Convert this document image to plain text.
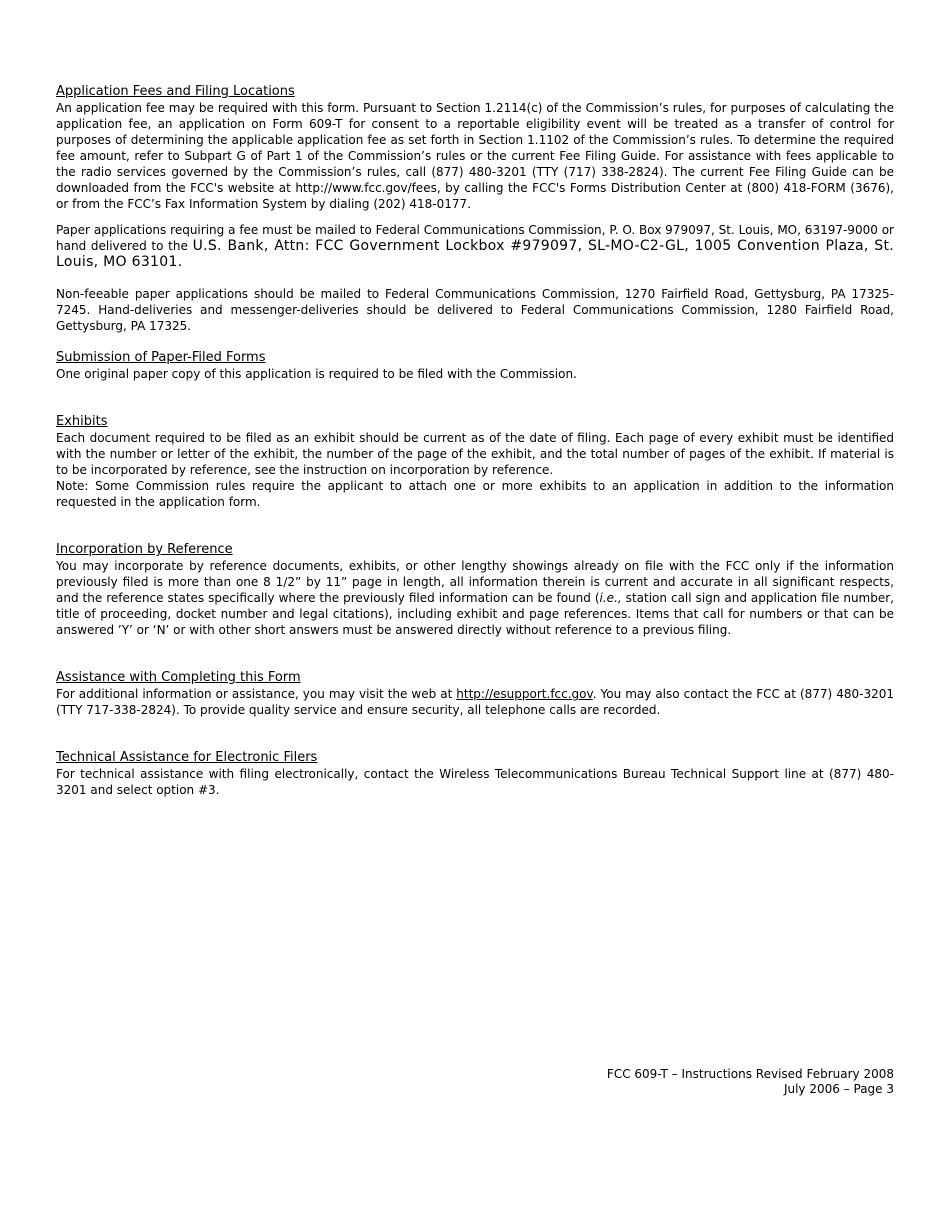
Application Fees and Filing Locations

An application fee may be required with this form. Pursuant to Section 1.2114(c) of the Commission’s rules, for purposes of calculating the application fee, an application on Form 609-T for consent to a reportable eligibility event will be treated as a transfer of control for purposes of determining the applicable application fee as set forth in Section 1.1102 of the Commission’s rules. To determine the required fee amount, refer to Subpart G of Part 1 of the Commission’s rules or the current Fee Filing Guide. For assistance with fees applicable to the radio services governed by the Commission’s rules, call (877) 480-3201 (TTY (717) 338-2824). The current Fee Filing Guide can be downloaded from the FCC's website at http://www.fcc.gov/fees, by calling the FCC's Forms Distribution Center at (800) 418-FORM (3676), or from the FCC’s Fax Information System by dialing (202) 418-0177.

Paper applications requiring a fee must be mailed to Federal Communications Commission, P. O. Box 979097, St. Louis, MO, 63197-9000 or hand delivered to the U.S. Bank, Attn: FCC Government Lockbox #979097, SL-MO-C2-GL, 1005 Convention Plaza, St. Louis, MO 63101.

Non-feeable paper applications should be mailed to Federal Communications Commission, 1270 Fairfield Road, Gettysburg, PA 17325-7245. Hand-deliveries and messenger-deliveries should be delivered to Federal Communications Commission, 1280 Fairfield Road, Gettysburg, PA 17325.

Submission of Paper-Filed Forms

One original paper copy of this application is required to be filed with the Commission.

Exhibits

Each document required to be filed as an exhibit should be current as of the date of filing. Each page of every exhibit must be identified with the number or letter of the exhibit, the number of the page of the exhibit, and the total number of pages of the exhibit. If material is to be incorporated by reference, see the instruction on incorporation by reference.

Note: Some Commission rules require the applicant to attach one or more exhibits to an application in addition to the information requested in the application form.

Incorporation by Reference

You may incorporate by reference documents, exhibits, or other lengthy showings already on file with the FCC only if the information previously filed is more than one 8 1/2” by 11” page in length, all information therein is current and accurate in all significant respects, and the reference states specifically where the previously filed information can be found (i.e., station call sign and application file number, title of proceeding, docket number and legal citations), including exhibit and page references. Items that call for numbers or that can be answered ’Y’ or ‘N’ or with other short answers must be answered directly without reference to a previous filing.

Assistance with Completing this Form

For additional information or assistance, you may visit the web at http://esupport.fcc.gov. You may also contact the FCC at (877) 480-3201 (TTY 717-338-2824). To provide quality service and ensure security, all telephone calls are recorded.

Technical Assistance for Electronic Filers

For technical assistance with filing electronically, contact the Wireless Telecommunications Bureau Technical Support line at (877) 480-3201 and select option #3.

FCC 609-T – Instructions Revised February 2008
July 2006 – Page 3
